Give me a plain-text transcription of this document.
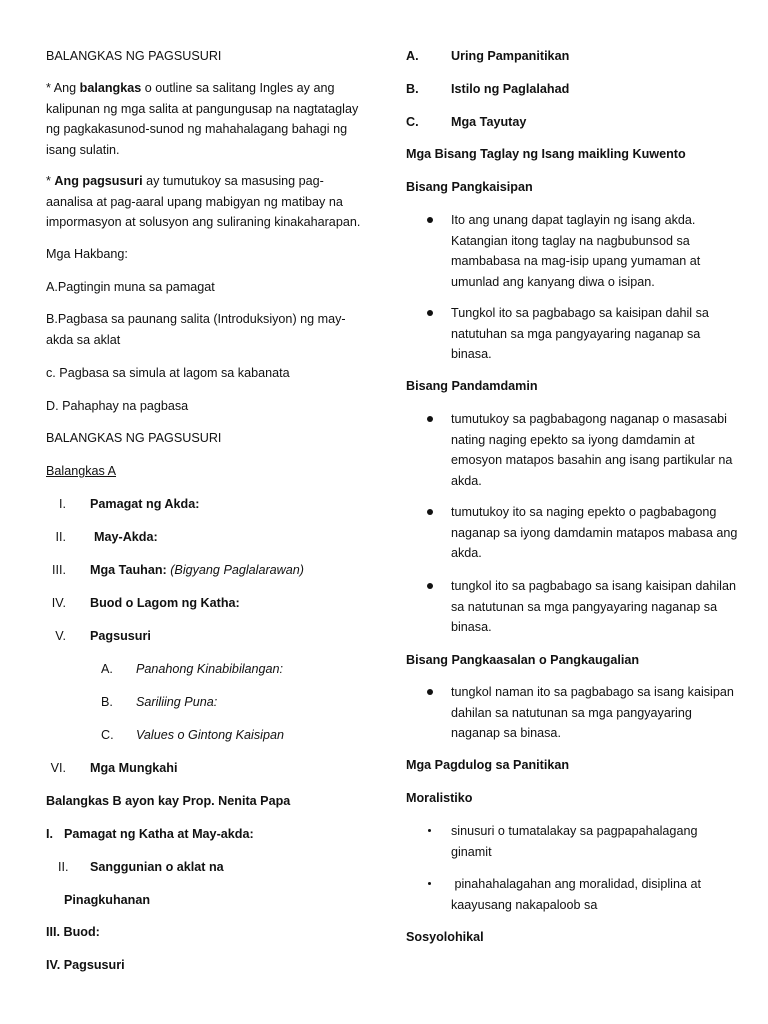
BALANGKAS NG PAGSUSURI
* Ang balangkas o outline sa salitang Ingles ay ang kalipunan ng mga salita at pangungusap na nagtataglay ng pagkakasunod-sunod ng mahahalagang bahagi ng isang sulatin.
* Ang pagsusuri ay tumutukoy sa masusing pag-aanalisa at pag-aaral upang mabigyan ng matibay na impormasyon at solusyon ang suliraning kinakaharapan.
Mga Hakbang:
A.Pagtingin muna sa pamagat
B.Pagbasa sa paunang salita (Introduksiyon) ng may-akda sa aklat
c. Pagbasa sa simula at lagom sa kabanata
D. Pahaphay na pagbasa
BALANGKAS NG PAGSUSURI
Balangkas A
I. Pamagat ng Akda:
II. May-Akda:
III. Mga Tauhan: (Bigyang Paglalarawan)
IV. Buod o Lagom ng Katha:
V. Pagsusuri
A. Panahong Kinabibilangan:
B. Sariliing Puna:
C. Values o Gintong Kaisipan
VI. Mga Mungkahi
Balangkas B ayon kay Prop. Nenita Papa
I. Pamagat ng Katha at May-akda:
II. Sanggunian o aklat na
Pinagkuhanan
III. Buod:
IV. Pagsusuri
A.	Uring Pampanitikan
B.	Istilo ng Paglalahad
C.	Mga Tayutay
Mga Bisang Taglay ng Isang maikling Kuwento
Bisang Pangkaisipan
Ito ang unang dapat taglayin ng isang akda. Katangian itong taglay na nagbubunsod sa mambabasa na mag-isip upang yumaman at umunlad ang kanyang diwa o isipan.
Tungkol ito sa pagbabago sa kaisipan dahil sa natutuhan sa mga pangyayaring naganap sa binasa.
Bisang Pandamdamin
tumutukoy sa pagbabagong naganap o masasabi nating naging epekto sa iyong damdamin at emosyon matapos basahin ang isang partikular na akda.
tumutukoy ito sa naging epekto o pagbabagong naganap sa iyong damdamin matapos mabasa ang akda.
tungkol ito sa pagbabago sa isang kaisipan dahilan sa natutunan sa mga pangyayaring naganap sa binasa.
Bisang Pangkaasalan o Pangkaugalian
tungkol naman ito sa pagbabago sa isang kaisipan dahilan sa natutunan sa mga pangyayaring naganap sa binasa.
Mga Pagdulog sa Panitikan
Moralistiko
sinusuri o tumatalakay sa pagpapahalagang ginamit
pinahahalagahan ang moralidad, disiplina at kaayusang nakapaloob sa
Sosyolohikal
